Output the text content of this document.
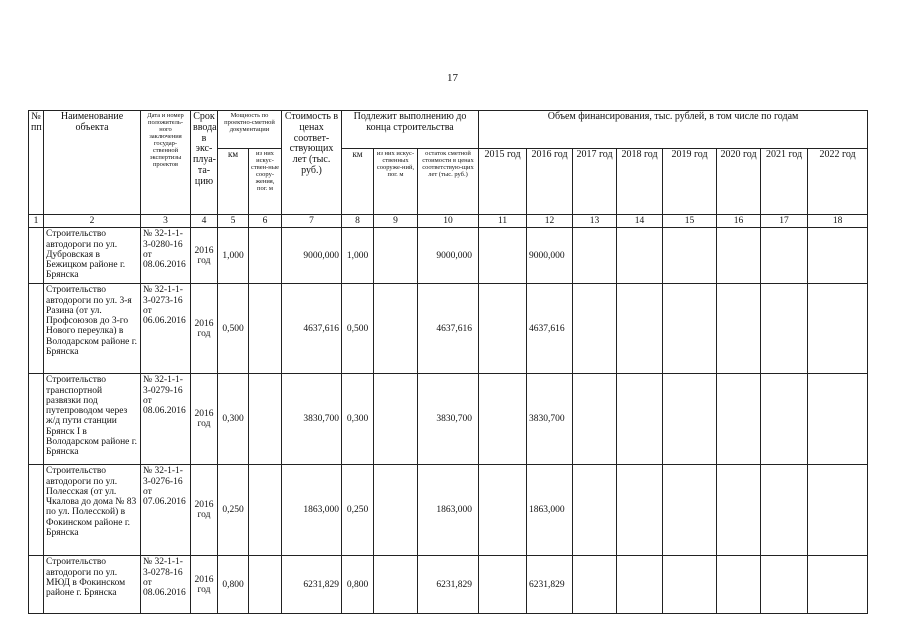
17
№ пп	Наименование объекта	Дата и номер положитель-ного заключения государ-ственной экспертизы проектов	Срок ввода в экс-плуа-та-цию	Мощность по проектно-сметной документации		Стоимость в ценах соответ-ствующих лет (тыс. руб.)	Подлежит выполнению до конца строительства			Объем финансирования, тыс. рублей, в том числе по годам							
				км	из них искус-ствен-ные соору-жения, пог. м		км	из них искус-ственных сооруже-ний, пог. м	остаток сметной стоимости в ценах соответствую-щих лет (тыс. руб.)	2015 год	2016 год	2017 год	2018 год	2019 год	2020 год	2021 год	2022 год
1	2	3	4	5	6	7	8	9	10	11	12	13	14	15	16	17	18
	Строительство автодороги по ул. Дубровская в Бежицком районе г. Брянска	№ 32-1-1-3-0280-16 от 08.06.2016	2016 год	1,000		9000,000	1,000		9000,000		9000,000						
	Строительство автодороги по ул. 3-я Разина (от ул. Профсоюзов до 3-го Нового переулка) в Володарском районе г. Брянска	№ 32-1-1-3-0273-16 от 06.06.2016	2016 год	0,500		4637,616	0,500		4637,616		4637,616						
	Строительство транспортной развязки под путепроводом через ж/д пути станции Брянск I в Володарском районе г. Брянска	№ 32-1-1-3-0279-16 от 08.06.2016	2016 год	0,300		3830,700	0,300		3830,700		3830,700						
	Строительство автодороги по ул. Полесская (от ул. Чкалова до дома № 83 по ул. Полесской) в Фокинском районе г. Брянска	№ 32-1-1-3-0276-16 от 07.06.2016	2016 год	0,250		1863,000	0,250		1863,000		1863,000						
	Строительство автодороги по ул. МЮД в Фокинском районе г. Брянска	№ 32-1-1-3-0278-16 от 08.06.2016	2016 год	0,800		6231,829	0,800		6231,829		6231,829						
